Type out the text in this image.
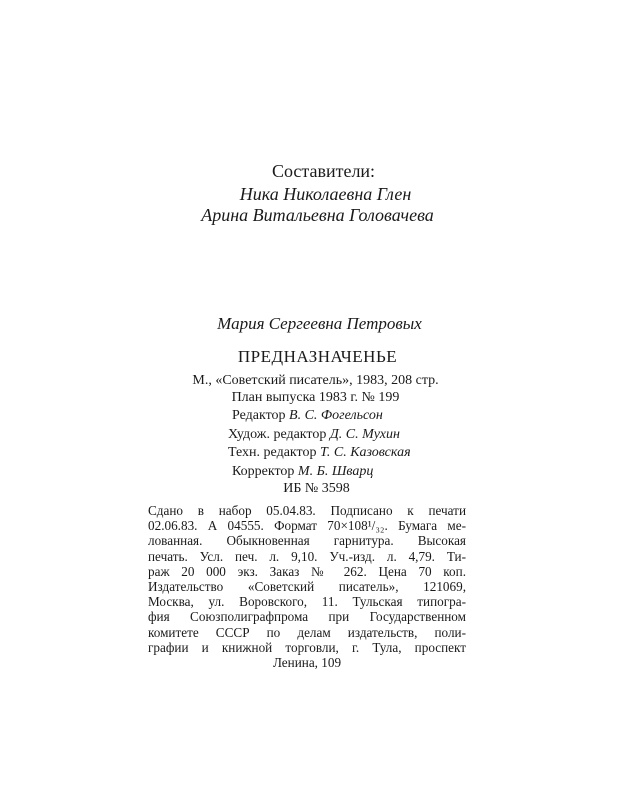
Составители:
Ника Николаевна Глен
Арина Витальевна Головачева
Мария Сергеевна Петровых
ПРЕДНАЗНАЧЕНЬЕ
М., «Советский писатель», 1983, 208 стр.
План выпуска 1983 г. № 199
Редактор В. С. Фогельсон
Худож. редактор Д. С. Мухин
Техн. редактор Т. С. Казовская
Корректор М. Б. Шварц
ИБ № 3598
Сдано в набор 05.04.83. Подписано к печати
02.06.83. А 04555. Формат 70×108¹/₃₂. Бумага ме-
лованная. Обыкновенная гарнитура. Высокая
печать. Усл. печ. л. 9,10. Уч.-изд. л. 4,79. Ти-
раж 20 000 экз. Заказ № 262. Цена 70 коп.
Издательство «Советский писатель», 121069,
Москва, ул. Воровского, 11. Тульская типогра-
фия Союзполиграфпрома при Государственном
комитете СССР по делам издательств, поли-
графии и книжной торговли, г. Тула, проспект
Ленина, 109
